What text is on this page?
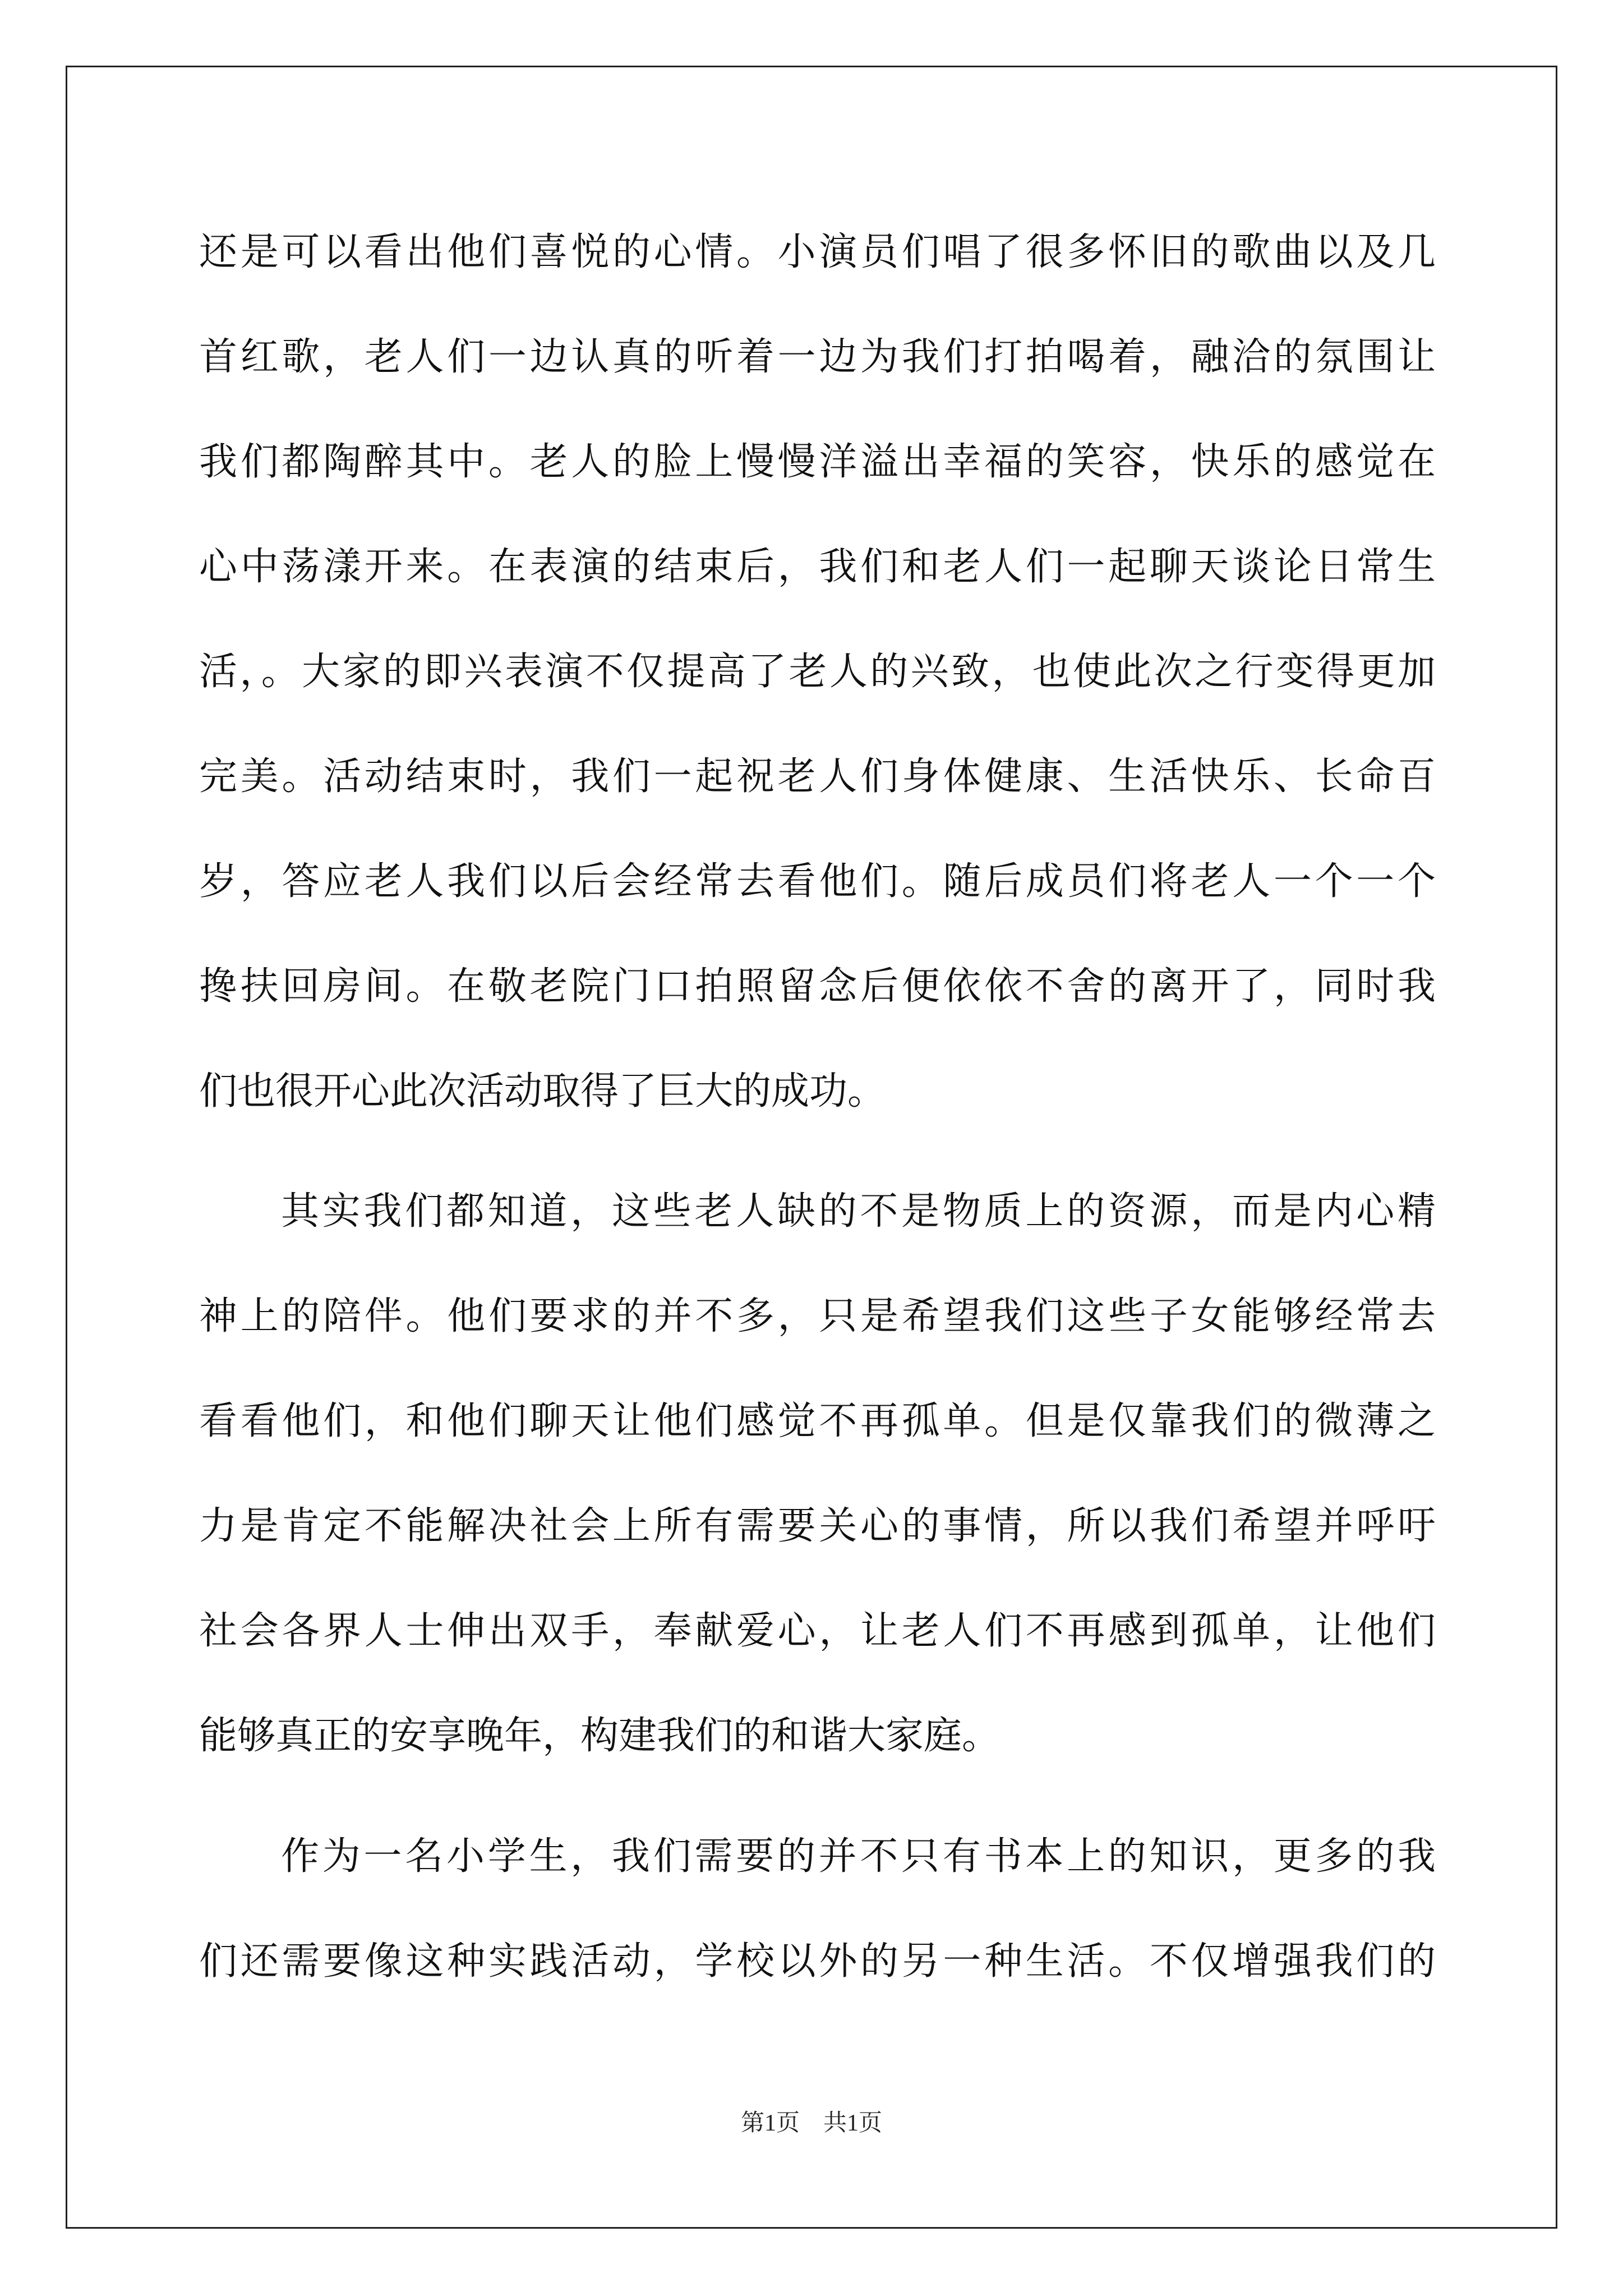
还是可以看出他们喜悦的心情。小演员们唱了很多怀旧的歌曲以及几
首红歌，老人们一边认真的听着一边为我们打拍喝着，融洽的氛围让
我们都陶醉其中。老人的脸上慢慢洋溢出幸福的笑容，快乐的感觉在
心中荡漾开来。在表演的结束后，我们和老人们一起聊天谈论日常生
活，。大家的即兴表演不仅提高了老人的兴致，也使此次之行变得更加
完美。活动结束时，我们一起祝老人们身体健康、生活快乐、长命百
岁，答应老人我们以后会经常去看他们。随后成员们将老人一个一个
搀扶回房间。在敬老院门口拍照留念后便依依不舍的离开了，同时我
们也很开心此次活动取得了巨大的成功。
其实我们都知道，这些老人缺的不是物质上的资源，而是内心精
神上的陪伴。他们要求的并不多，只是希望我们这些子女能够经常去
看看他们，和他们聊天让他们感觉不再孤单。但是仅靠我们的微薄之
力是肯定不能解决社会上所有需要关心的事情，所以我们希望并呼吁
社会各界人士伸出双手，奉献爱心，让老人们不再感到孤单，让他们
能够真正的安享晚年，构建我们的和谐大家庭。
作为一名小学生，我们需要的并不只有书本上的知识，更多的我
们还需要像这种实践活动，学校以外的另一种生活。不仅增强我们的
第1页　共1页
